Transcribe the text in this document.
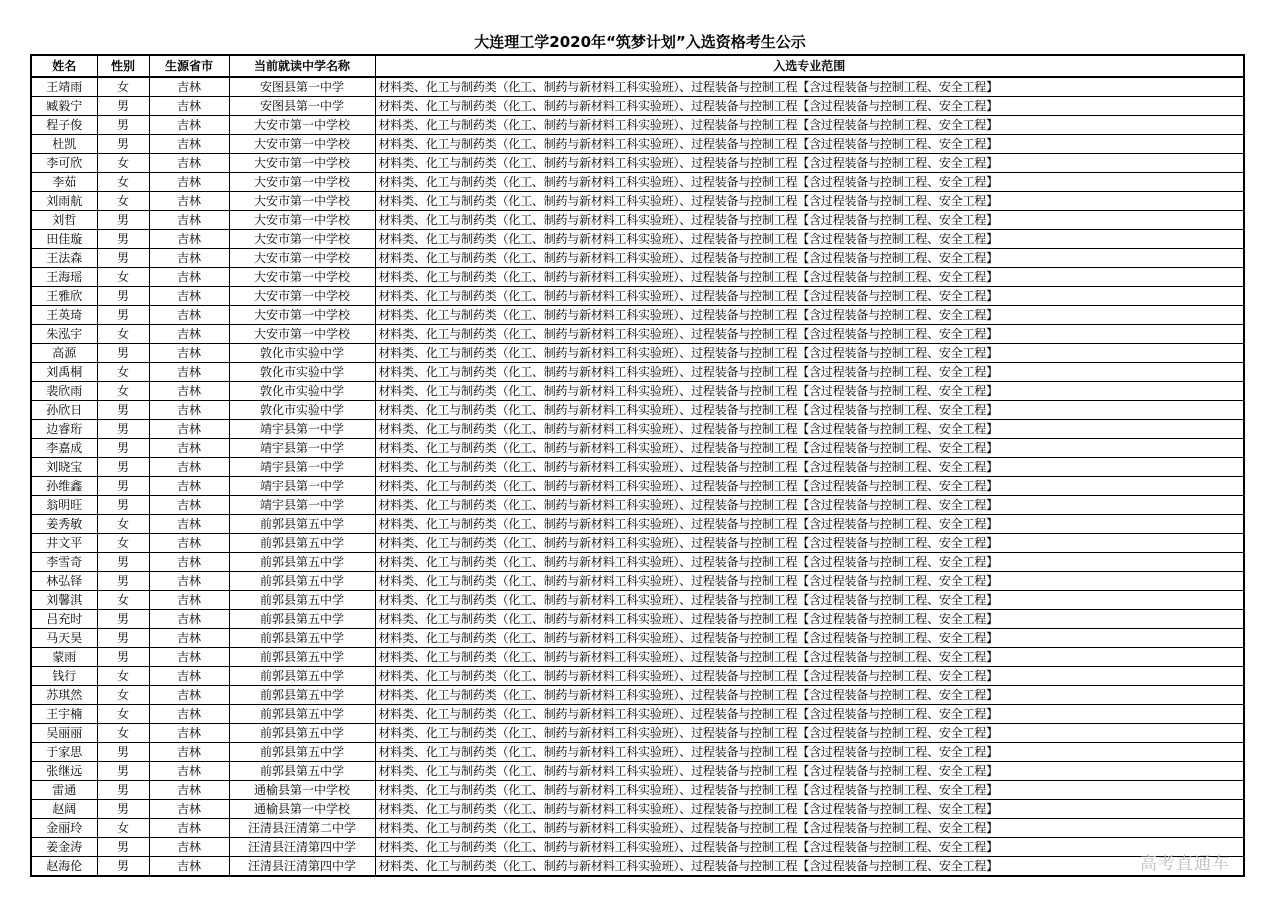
大连理工学2020年“筑梦计划”入选资格考生公示
姓名	性别	生源省市	当前就读中学名称	入选专业范围
王靖雨	女	吉林	安图县第一中学	材料类、化工与制药类（化工、制药与新材料工科实验班）、过程装备与控制工程【含过程装备与控制工程、安全工程】
臧毅宁	男	吉林	安图县第一中学	材料类、化工与制药类（化工、制药与新材料工科实验班）、过程装备与控制工程【含过程装备与控制工程、安全工程】
程子俊	男	吉林	大安市第一中学校	材料类、化工与制药类（化工、制药与新材料工科实验班）、过程装备与控制工程【含过程装备与控制工程、安全工程】
杜凯	男	吉林	大安市第一中学校	材料类、化工与制药类（化工、制药与新材料工科实验班）、过程装备与控制工程【含过程装备与控制工程、安全工程】
李可欣	女	吉林	大安市第一中学校	材料类、化工与制药类（化工、制药与新材料工科实验班）、过程装备与控制工程【含过程装备与控制工程、安全工程】
李茹	女	吉林	大安市第一中学校	材料类、化工与制药类（化工、制药与新材料工科实验班）、过程装备与控制工程【含过程装备与控制工程、安全工程】
刘雨航	女	吉林	大安市第一中学校	材料类、化工与制药类（化工、制药与新材料工科实验班）、过程装备与控制工程【含过程装备与控制工程、安全工程】
刘哲	男	吉林	大安市第一中学校	材料类、化工与制药类（化工、制药与新材料工科实验班）、过程装备与控制工程【含过程装备与控制工程、安全工程】
田佳璇	男	吉林	大安市第一中学校	材料类、化工与制药类（化工、制药与新材料工科实验班）、过程装备与控制工程【含过程装备与控制工程、安全工程】
王法森	男	吉林	大安市第一中学校	材料类、化工与制药类（化工、制药与新材料工科实验班）、过程装备与控制工程【含过程装备与控制工程、安全工程】
王海瑶	女	吉林	大安市第一中学校	材料类、化工与制药类（化工、制药与新材料工科实验班）、过程装备与控制工程【含过程装备与控制工程、安全工程】
王雅欣	男	吉林	大安市第一中学校	材料类、化工与制药类（化工、制药与新材料工科实验班）、过程装备与控制工程【含过程装备与控制工程、安全工程】
王英琦	男	吉林	大安市第一中学校	材料类、化工与制药类（化工、制药与新材料工科实验班）、过程装备与控制工程【含过程装备与控制工程、安全工程】
朱泓宇	女	吉林	大安市第一中学校	材料类、化工与制药类（化工、制药与新材料工科实验班）、过程装备与控制工程【含过程装备与控制工程、安全工程】
高源	男	吉林	敦化市实验中学	材料类、化工与制药类（化工、制药与新材料工科实验班）、过程装备与控制工程【含过程装备与控制工程、安全工程】
刘禹桐	女	吉林	敦化市实验中学	材料类、化工与制药类（化工、制药与新材料工科实验班）、过程装备与控制工程【含过程装备与控制工程、安全工程】
裴欣雨	女	吉林	敦化市实验中学	材料类、化工与制药类（化工、制药与新材料工科实验班）、过程装备与控制工程【含过程装备与控制工程、安全工程】
孙欣日	男	吉林	敦化市实验中学	材料类、化工与制药类（化工、制药与新材料工科实验班）、过程装备与控制工程【含过程装备与控制工程、安全工程】
边睿珩	男	吉林	靖宇县第一中学	材料类、化工与制药类（化工、制药与新材料工科实验班）、过程装备与控制工程【含过程装备与控制工程、安全工程】
李嘉成	男	吉林	靖宇县第一中学	材料类、化工与制药类（化工、制药与新材料工科实验班）、过程装备与控制工程【含过程装备与控制工程、安全工程】
刘晓宝	男	吉林	靖宇县第一中学	材料类、化工与制药类（化工、制药与新材料工科实验班）、过程装备与控制工程【含过程装备与控制工程、安全工程】
孙维鑫	男	吉林	靖宇县第一中学	材料类、化工与制药类（化工、制药与新材料工科实验班）、过程装备与控制工程【含过程装备与控制工程、安全工程】
翁明旺	男	吉林	靖宇县第一中学	材料类、化工与制药类（化工、制药与新材料工科实验班）、过程装备与控制工程【含过程装备与控制工程、安全工程】
姜秀敏	女	吉林	前郭县第五中学	材料类、化工与制药类（化工、制药与新材料工科实验班）、过程装备与控制工程【含过程装备与控制工程、安全工程】
井文平	女	吉林	前郭县第五中学	材料类、化工与制药类（化工、制药与新材料工科实验班）、过程装备与控制工程【含过程装备与控制工程、安全工程】
李雪奇	男	吉林	前郭县第五中学	材料类、化工与制药类（化工、制药与新材料工科实验班）、过程装备与控制工程【含过程装备与控制工程、安全工程】
林弘铎	男	吉林	前郭县第五中学	材料类、化工与制药类（化工、制药与新材料工科实验班）、过程装备与控制工程【含过程装备与控制工程、安全工程】
刘馨淇	女	吉林	前郭县第五中学	材料类、化工与制药类（化工、制药与新材料工科实验班）、过程装备与控制工程【含过程装备与控制工程、安全工程】
吕充时	男	吉林	前郭县第五中学	材料类、化工与制药类（化工、制药与新材料工科实验班）、过程装备与控制工程【含过程装备与控制工程、安全工程】
马天昊	男	吉林	前郭县第五中学	材料类、化工与制药类（化工、制药与新材料工科实验班）、过程装备与控制工程【含过程装备与控制工程、安全工程】
蒙雨	男	吉林	前郭县第五中学	材料类、化工与制药类（化工、制药与新材料工科实验班）、过程装备与控制工程【含过程装备与控制工程、安全工程】
钱行	女	吉林	前郭县第五中学	材料类、化工与制药类（化工、制药与新材料工科实验班）、过程装备与控制工程【含过程装备与控制工程、安全工程】
苏琪然	女	吉林	前郭县第五中学	材料类、化工与制药类（化工、制药与新材料工科实验班）、过程装备与控制工程【含过程装备与控制工程、安全工程】
王宇楠	女	吉林	前郭县第五中学	材料类、化工与制药类（化工、制药与新材料工科实验班）、过程装备与控制工程【含过程装备与控制工程、安全工程】
吴丽丽	女	吉林	前郭县第五中学	材料类、化工与制药类（化工、制药与新材料工科实验班）、过程装备与控制工程【含过程装备与控制工程、安全工程】
于家思	男	吉林	前郭县第五中学	材料类、化工与制药类（化工、制药与新材料工科实验班）、过程装备与控制工程【含过程装备与控制工程、安全工程】
张继远	男	吉林	前郭县第五中学	材料类、化工与制药类（化工、制药与新材料工科实验班）、过程装备与控制工程【含过程装备与控制工程、安全工程】
雷通	男	吉林	通榆县第一中学校	材料类、化工与制药类（化工、制药与新材料工科实验班）、过程装备与控制工程【含过程装备与控制工程、安全工程】
赵阔	男	吉林	通榆县第一中学校	材料类、化工与制药类（化工、制药与新材料工科实验班）、过程装备与控制工程【含过程装备与控制工程、安全工程】
金丽玲	女	吉林	汪清县汪清第二中学	材料类、化工与制药类（化工、制药与新材料工科实验班）、过程装备与控制工程【含过程装备与控制工程、安全工程】
姜金涛	男	吉林	汪清县汪清第四中学	材料类、化工与制药类（化工、制药与新材料工科实验班）、过程装备与控制工程【含过程装备与控制工程、安全工程】
赵海伦	男	吉林	汪清县汪清第四中学	材料类、化工与制药类（化工、制药与新材料工科实验班）、过程装备与控制工程【含过程装备与控制工程、安全工程】	高考直通车
